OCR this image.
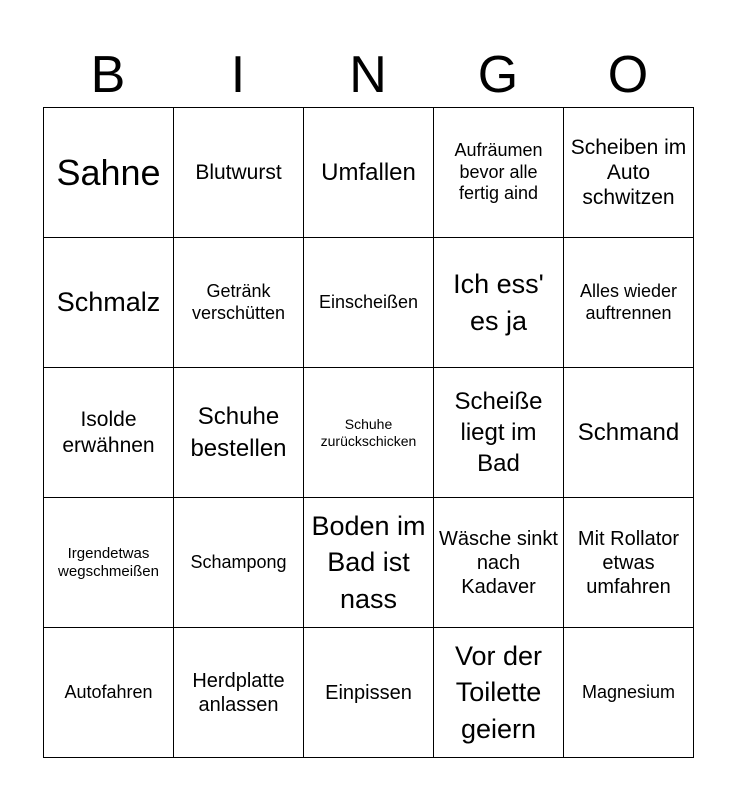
B	I	N	G	O
Sahne	Blutwurst	Umfallen	Aufräumen bevor alle fertig aind	Scheiben im Auto schwitzen
Schmalz	Getränk verschütten	Einscheißen	Ich ess' es ja	Alles wieder auftrennen
Isolde erwähnen	Schuhe bestellen	Schuhe zurückschicken	Scheiße liegt im Bad	Schmand
Irgendetwas wegschmeißen	Schampong	Boden im Bad ist nass	Wäsche sinkt nach Kadaver	Mit Rollator etwas umfahren
Autofahren	Herdplatte anlassen	Einpissen	Vor der Toilette geiern	Magnesium
